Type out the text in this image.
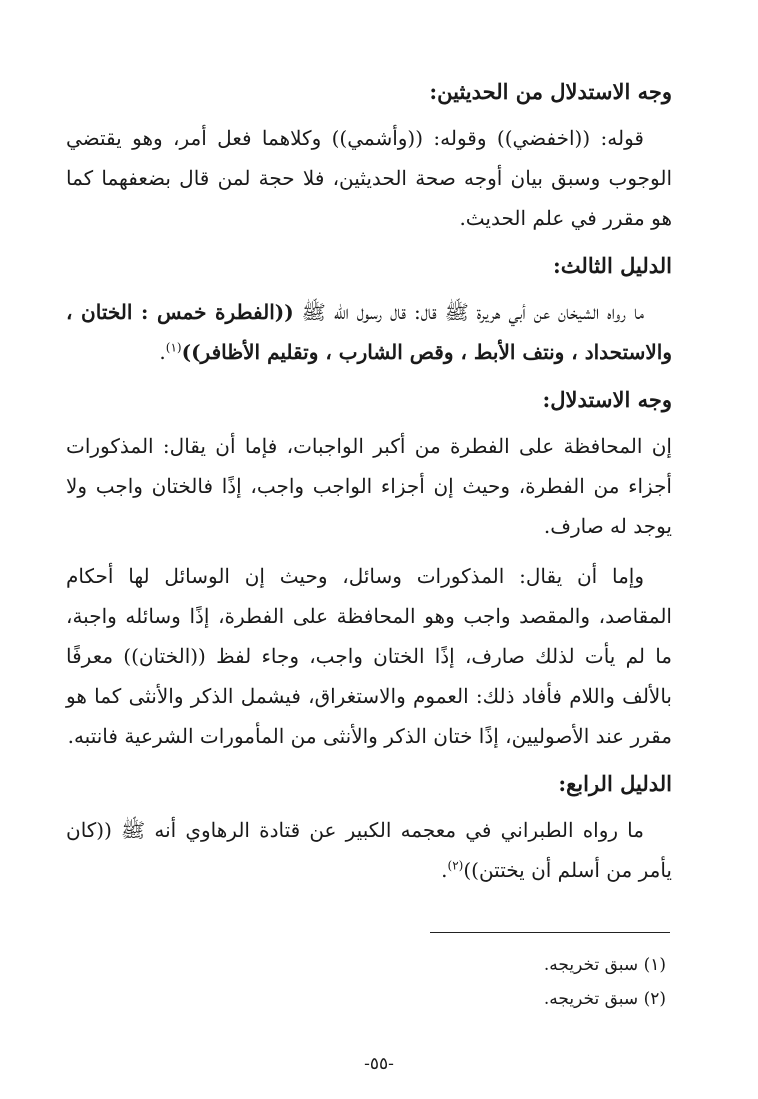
وجه الاستدلال من الحديثين:

قوله: ((اخفضي)) وقوله: ((وأشمي)) وكلاهما فعل أمر، وهو يقتضي الوجوب وسبق بيان أوجه صحة الحديثين، فلا حجة لمن قال بضعفهما كما هو مقرر في علم الحديث.

الدليل الثالث:

ما رواه الشيخان عن أبي هريرة ﷺ قال: قال رسول الله ﷺ ((الفطرة خمس : الختان ، والاستحداد ، ونتف الأبط ، وقص الشارب ، وتقليم الأظافر))$^{(١)}$.

وجه الاستدلال:

إن المحافظة على الفطرة من أكبر الواجبات، فإما أن يقال: المذكورات أجزاء من الفطرة، وحيث إن أجزاء الواجب واجب، إذًا فالختان واجب ولا يوجد له صارف.

وإما أن يقال: المذكورات وسائل، وحيث إن الوسائل لها أحكام المقاصد، والمقصد واجب وهو المحافظة على الفطرة، إذًا وسائله واجبة، ما لم يأت لذلك صارف، إذًا الختان واجب، وجاء لفظ ((الختان)) معرفًا بالألف واللام فأفاد ذلك: العموم والاستغراق، فيشمل الذكر والأنثى كما هو مقرر عند الأصوليين، إذًا ختان الذكر والأنثى من المأمورات الشرعية فانتبه.

الدليل الرابع:

ما رواه الطبراني في معجمه الكبير عن قتادة الرهاوي أنه ﷺ ((كان يأمر من أسلم أن يختتن))$^{(٢)}$.

(١) سبق تخريجه.
(٢) سبق تخريجه.
-٥٥-
